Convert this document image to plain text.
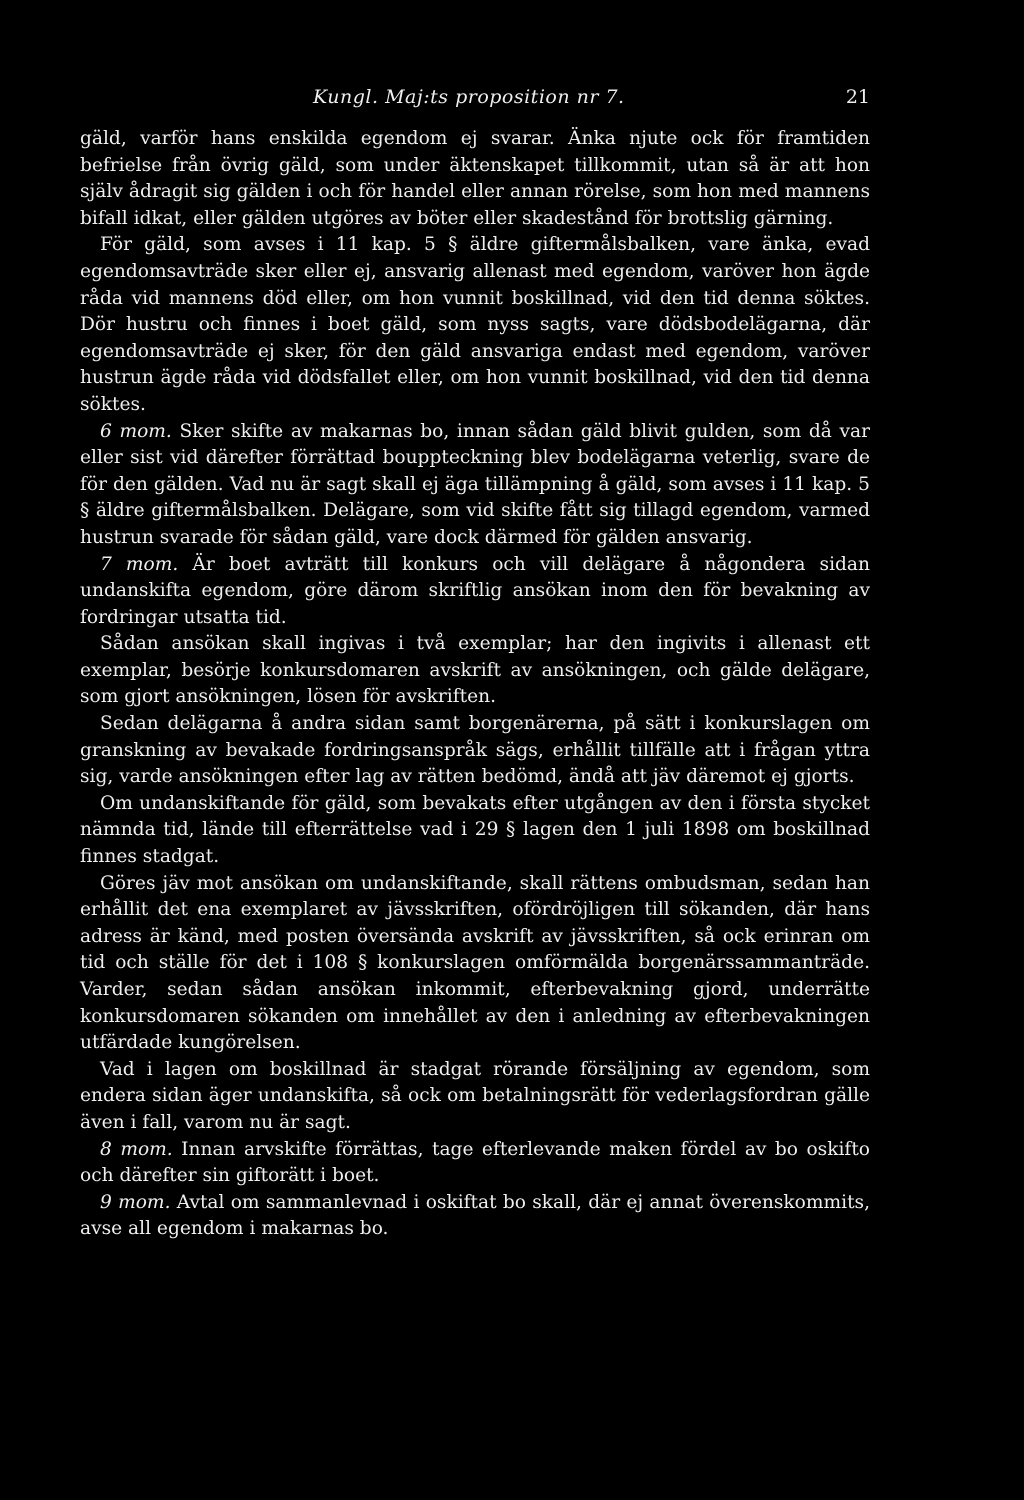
Kungl. Maj:ts proposition nr 7.	21

gäld, varför hans enskilda egendom ej svarar. Änka njute ock för framtiden befrielse från övrig gäld, som under äktenskapet tillkommit, utan så är att hon själv ådragit sig gälden i och för handel eller annan rörelse, som hon med mannens bifall idkat, eller gälden utgöres av böter eller skadestånd för brottslig gärning.

För gäld, som avses i 11 kap. 5 § äldre giftermålsbalken, vare änka, evad egendomsavträde sker eller ej, ansvarig allenast med egendom, varöver hon ägde råda vid mannens död eller, om hon vunnit boskillnad, vid den tid denna söktes. Dör hustru och finnes i boet gäld, som nyss sagts, vare dödsbodelägarna, där egendomsavträde ej sker, för den gäld ansvariga endast med egendom, varöver hustrun ägde råda vid dödsfallet eller, om hon vunnit boskillnad, vid den tid denna söktes.

6 mom. Sker skifte av makarnas bo, innan sådan gäld blivit gulden, som då var eller sist vid därefter förrättad bouppteckning blev bodelägarna veterlig, svare de för den gälden. Vad nu är sagt skall ej äga tillämpning å gäld, som avses i 11 kap. 5 § äldre giftermålsbalken. Delägare, som vid skifte fått sig tillagd egendom, varmed hustrun svarade för sådan gäld, vare dock därmed för gälden ansvarig.

7 mom. Är boet avträtt till konkurs och vill delägare å någondera sidan undanskifta egendom, göre därom skriftlig ansökan inom den för bevakning av fordringar utsatta tid.

Sådan ansökan skall ingivas i två exemplar; har den ingivits i allenast ett exemplar, besörje konkursdomaren avskrift av ansökningen, och gälde delägare, som gjort ansökningen, lösen för avskriften.

Sedan delägarna å andra sidan samt borgenärerna, på sätt i konkurslagen om granskning av bevakade fordringsanspråk sägs, erhållit tillfälle att i frågan yttra sig, varde ansökningen efter lag av rätten bedömd, ändå att jäv däremot ej gjorts.

Om undanskiftande för gäld, som bevakats efter utgången av den i första stycket nämnda tid, lände till efterrättelse vad i 29 § lagen den 1 juli 1898 om boskillnad finnes stadgat.

Göres jäv mot ansökan om undanskiftande, skall rättens ombudsman, sedan han erhållit det ena exemplaret av jävsskriften, ofördröjligen till sökanden, där hans adress är känd, med posten översända avskrift av jävsskriften, så ock erinran om tid och ställe för det i 108 § konkurslagen omförmälda borgenärssammanträde. Varder, sedan sådan ansökan inkommit, efterbevakning gjord, underrätte konkursdomaren sökanden om innehållet av den i anledning av efterbevakningen utfärdade kungörelsen.

Vad i lagen om boskillnad är stadgat rörande försäljning av egendom, som endera sidan äger undanskifta, så ock om betalningsrätt för vederlagsfordran gälle även i fall, varom nu är sagt.

8 mom. Innan arvskifte förrättas, tage efterlevande maken fördel av bo oskifto och därefter sin giftorätt i boet.

9 mom. Avtal om sammanlevnad i oskiftat bo skall, där ej annat överenskommits, avse all egendom i makarnas bo.
